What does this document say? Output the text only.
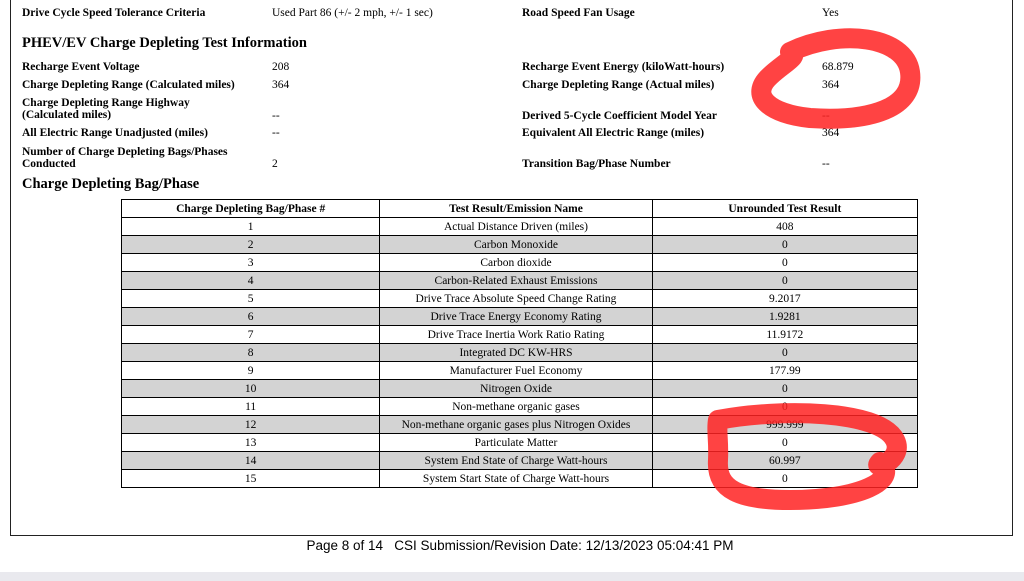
Drive Cycle Speed Tolerance Criteria	Used Part 86 (+/- 2 mph, +/- 1 sec)	Road Speed Fan Usage	Yes
PHEV/EV Charge Depleting Test Information
Recharge Event Voltage	208	Recharge Event Energy (kiloWatt-hours)	68.879
Charge Depleting Range (Calculated miles)	364	Charge Depleting Range (Actual miles)	364
Charge Depleting Range Highway
(Calculated miles)	--	Derived 5-Cycle Coefficient Model Year	--
All Electric Range Unadjusted (miles)	--	Equivalent All Electric Range (miles)	364
Number of Charge Depleting Bags/Phases
Conducted	2	Transition Bag/Phase Number	--
Charge Depleting Bag/Phase
Charge Depleting Bag/Phase #	Test Result/Emission Name	Unrounded Test Result
1	Actual Distance Driven (miles)	408
2	Carbon Monoxide	0
3	Carbon dioxide	0
4	Carbon-Related Exhaust Emissions	0
5	Drive Trace Absolute Speed Change Rating	9.2017
6	Drive Trace Energy Economy Rating	1.9281
7	Drive Trace Inertia Work Ratio Rating	11.9172
8	Integrated DC KW-HRS	0
9	Manufacturer Fuel Economy	177.99
10	Nitrogen Oxide	0
11	Non-methane organic gases	0
12	Non-methane organic gases plus Nitrogen Oxides	999.999
13	Particulate Matter	0
14	System End State of Charge Watt-hours	60.997
15	System Start State of Charge Watt-hours	0
Page 8 of 14   CSI Submission/Revision Date: 12/13/2023 05:04:41 PM
